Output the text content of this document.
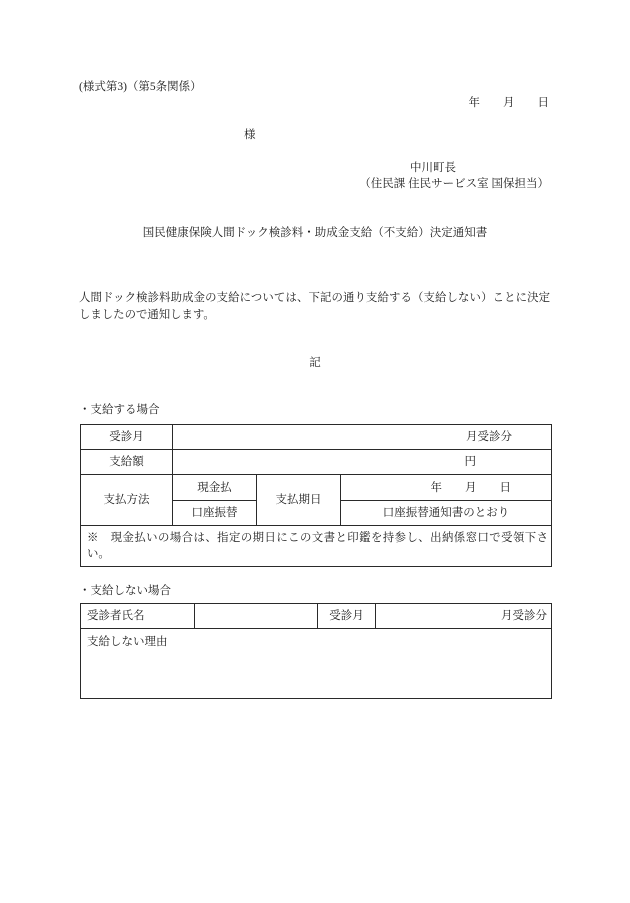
(様式第3)（第5条関係）
年　　月　　日
様
中川町長
（住民課 住民サービス室 国保担当）
国民健康保険人間ドック検診料・助成金支給（不支給）決定通知書
人間ドック検診料助成金の支給については、下記の通り支給する（支給しない）ことに決定
しましたので通知します。
記
・支給する場合
受診月	月受診分		
支給額	円		
支払方法	現金払	支払期日	年　　月　　日
	口座振替		口座振替通知書のとおり

※　現金払いの場合は、指定の期日にこの文書と印鑑を持参し、出納係窓口で受領下さ
い。			
・支給しない場合
受診者氏名		受診月	月受診分
支給しない理由
